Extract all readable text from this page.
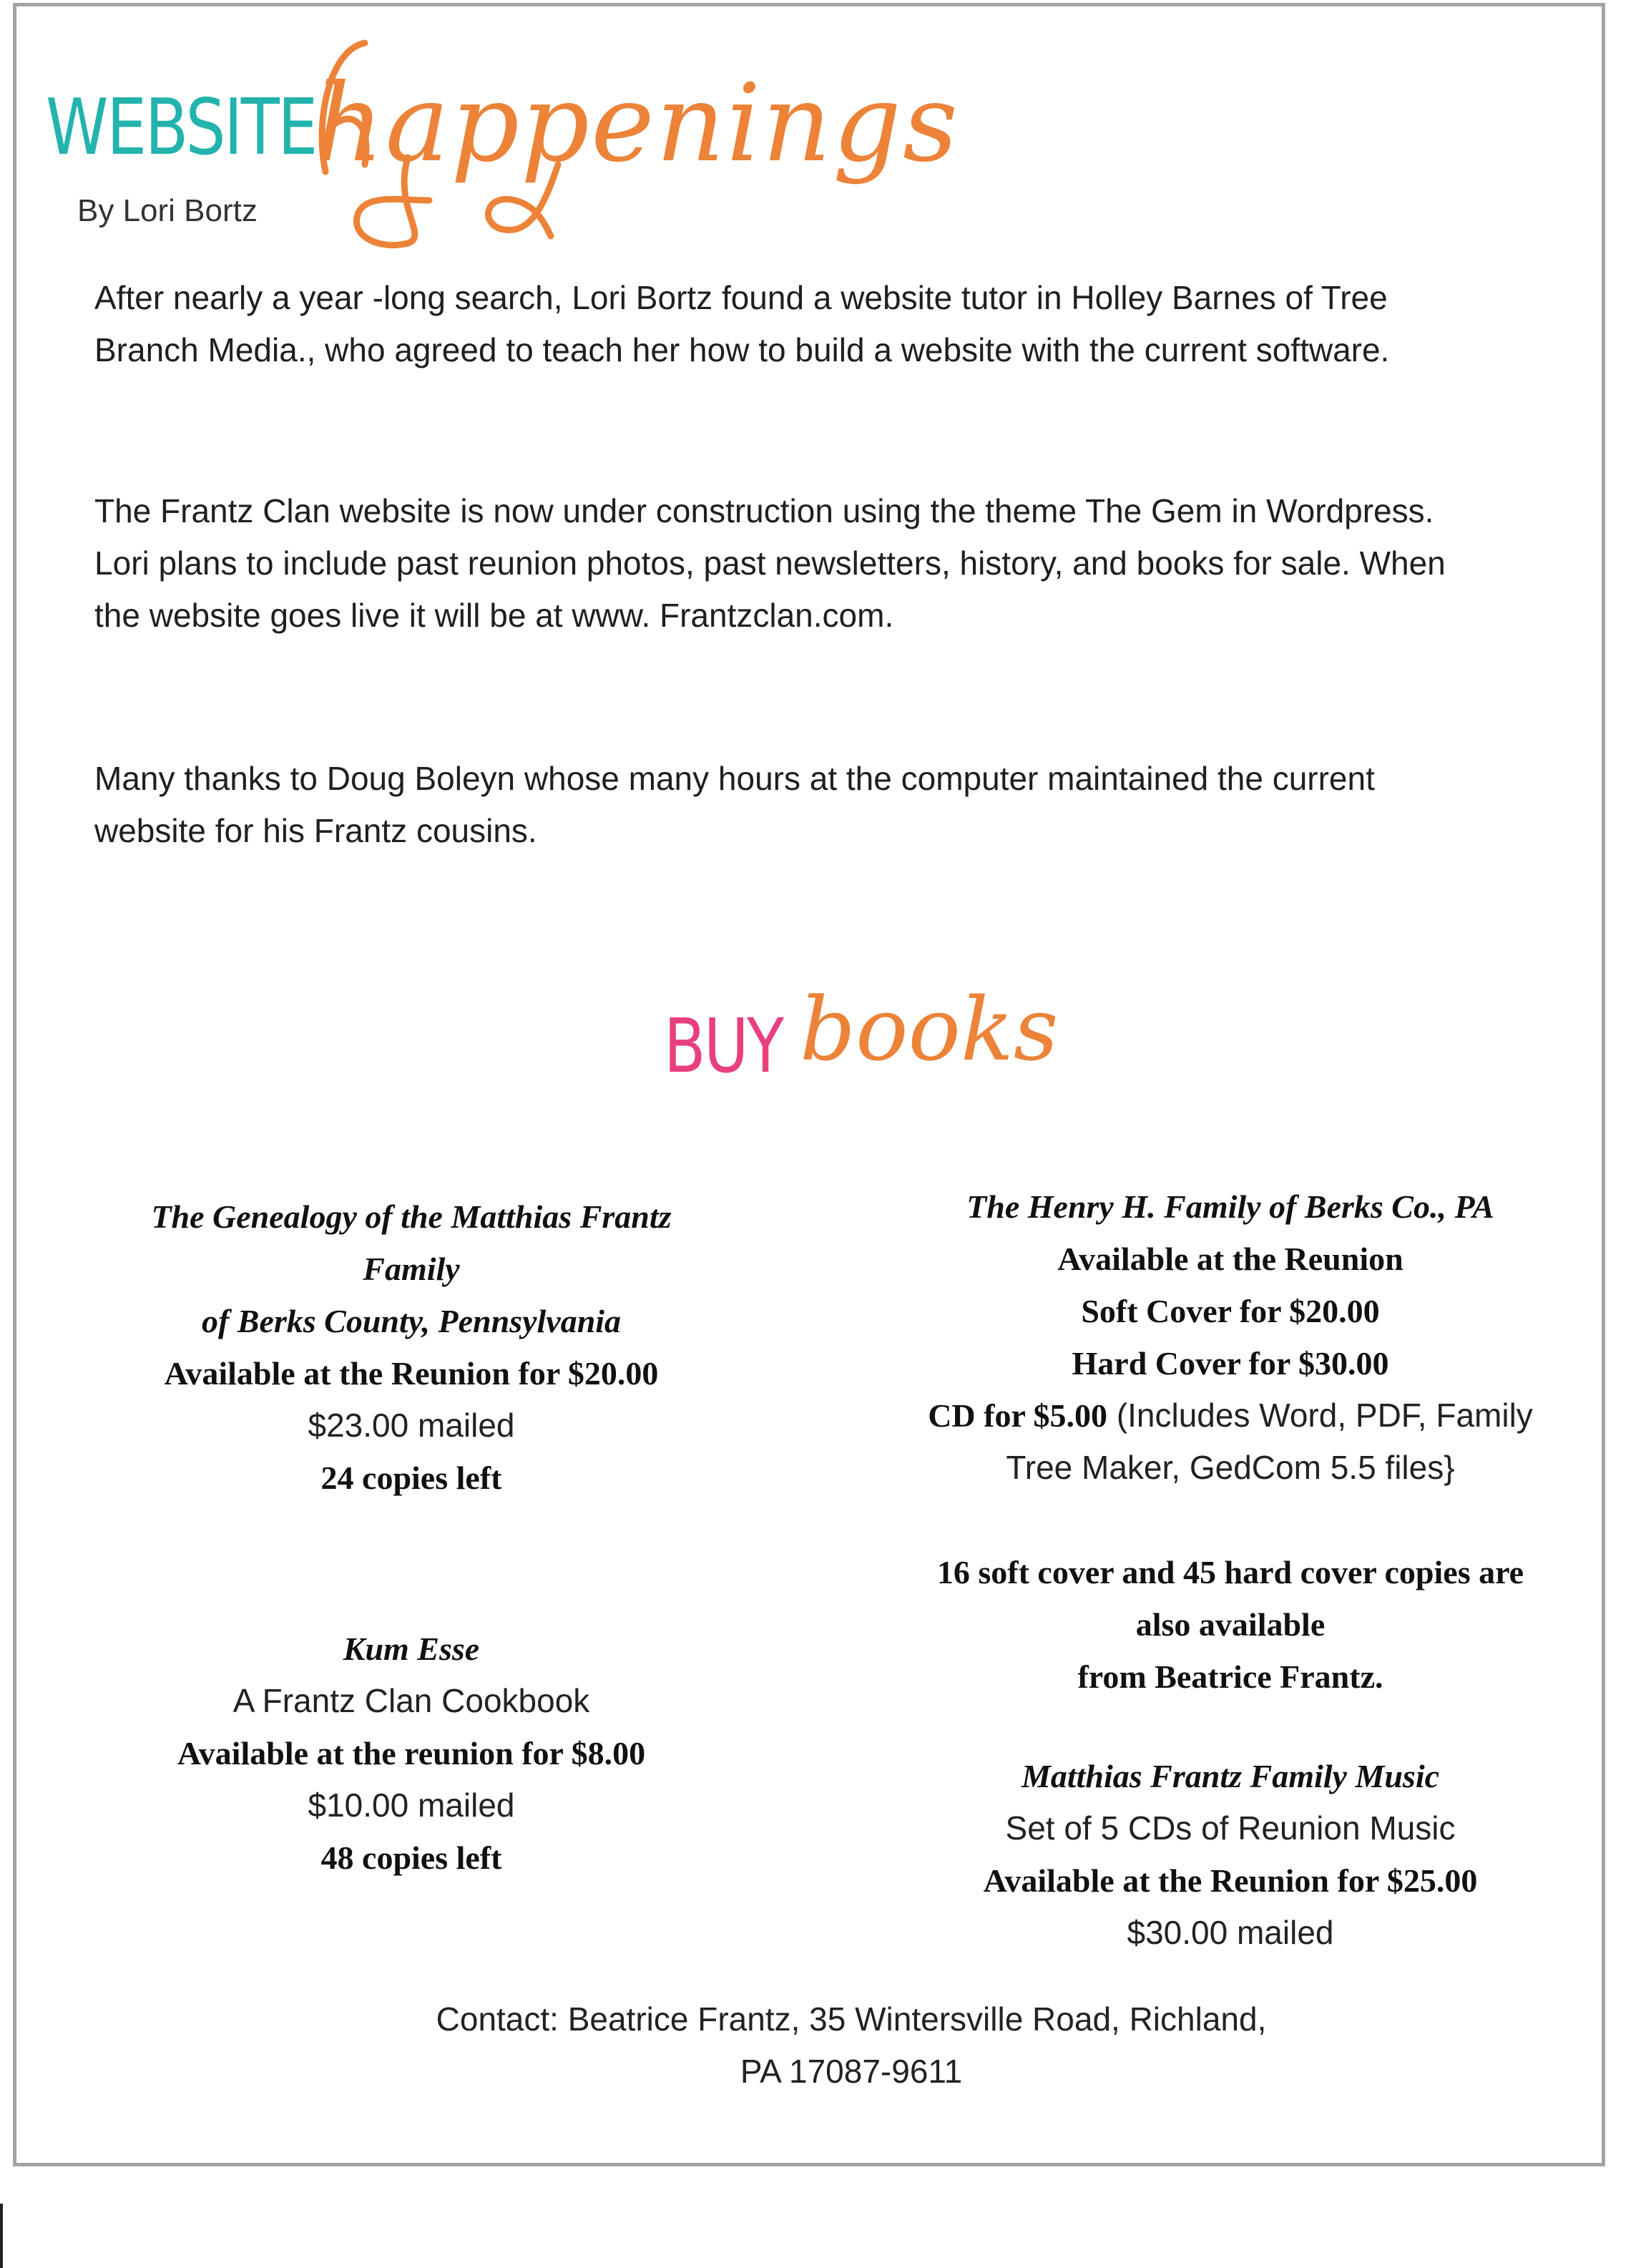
WEBSITE
happenings
By Lori Bortz
After nearly a year -long search, Lori Bortz found a website tutor in Holley Barnes of Tree
Branch Media., who agreed to teach her how to build a website with the current software.
The Frantz Clan website is now under construction using the theme The Gem in Wordpress.
Lori plans to include past reunion photos, past newsletters, history, and books for sale. When
the website goes live it will be at www. Frantzclan.com.
Many thanks to Doug Boleyn whose many hours at the computer maintained the current
website for his Frantz cousins.
BUY books
The Genealogy of the Matthias Frantz
Family
of Berks County, Pennsylvania
Available at the Reunion for $20.00
$23.00 mailed
24 copies left
Kum Esse
A Frantz Clan Cookbook
Available at the reunion for $8.00
$10.00 mailed
48 copies left
The Henry H. Family of Berks Co., PA
Available at the Reunion
Soft Cover for $20.00
Hard Cover for $30.00
CD for $5.00 (Includes Word, PDF, Family
Tree Maker, GedCom 5.5 files}
16 soft cover and 45 hard cover copies are
also available
from Beatrice Frantz.
Matthias Frantz Family Music
Set of 5 CDs of Reunion Music
Available at the Reunion for $25.00
$30.00 mailed
Contact: Beatrice Frantz, 35 Wintersville Road, Richland,
PA 17087-9611
